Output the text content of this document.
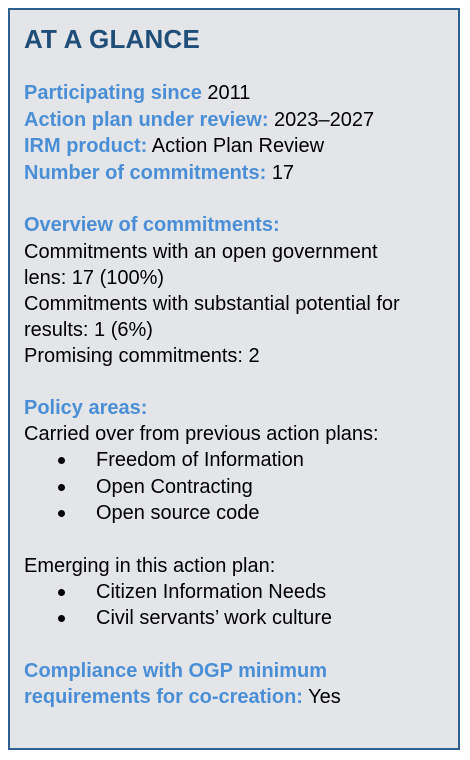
AT A GLANCE

Participating since 2011

Action plan under review: 2023–2027

IRM product: Action Plan Review

Number of commitments: 17

Overview of commitments:

Commitments with an open government lens: 17 (100%)

Commitments with substantial potential for results: 1 (6%)

Promising commitments: 2

Policy areas:

Carried over from previous action plans:

Freedom of Information
Open Contracting
Open source code

Emerging in this action plan:

Citizen Information Needs
Civil servants’ work culture

Compliance with OGP minimum requirements for co-creation: Yes
